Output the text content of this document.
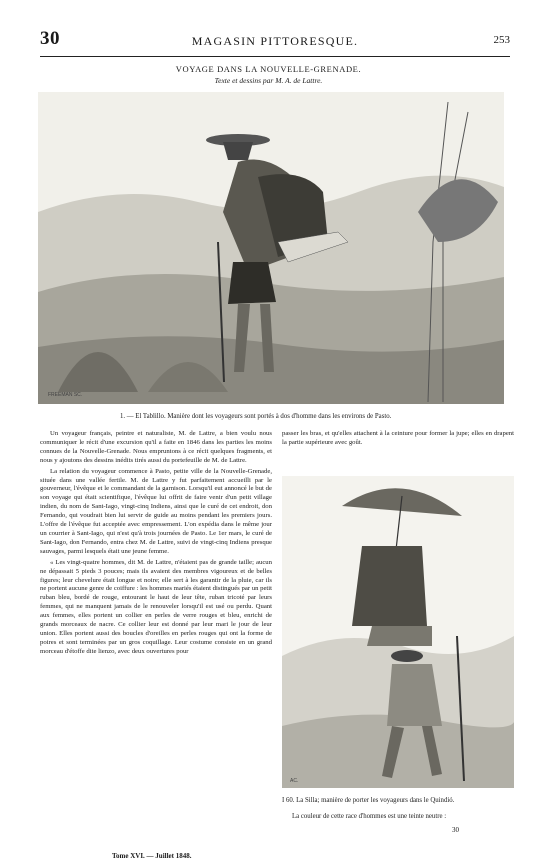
30	MAGASIN PITTORESQUE.	253
VOYAGE DANS LA NOUVELLE-GRENADE.
Texte et dessins par M. A. de Lattre.
FREEMAN SC.
1. — El Tablillo. Manière dont les voyageurs sont portés à dos d'homme dans les environs de Pasto.

Un voyageur français, peintre et naturaliste, M. de Lattre, a bien voulu nous communiquer le récit d'une excursion qu'il a faite en 1846 dans les parties les moins connues de la Nouvelle-Grenade. Nous empruntons à ce récit quelques fragments, et nous y ajoutons des dessins inédits tirés aussi du portefeuille de M. de Lattre.

La relation du voyageur commence à Pasto, petite ville de la Nouvelle-Grenade, située dans une vallée fertile. M. de Lattre y fut parfaitement accueilli par le gouverneur, l'évêque et le commandant de la garnison. Lorsqu'il eut annoncé le but de son voyage qui était scientifique, l'évêque lui offrit de faire venir d'un petit village indien, du nom de Sant-Iago, vingt-cinq Indiens, ainsi que le curé de cet endroit, don Fernando, qui voudrait bien lui servir de guide au moins pendant les premiers jours. L'offre de l'évêque fut acceptée avec empressement. L'on expédia dans le même jour un courrier à Sant-Iago, qui n'est qu'à trois journées de Pasto. Le 1er mars, le curé de Sant-Iago, don Fernando, entra chez M. de Lattre, suivi de vingt-cinq Indiens presque sauvages, parmi lesquels était une jeune femme.

« Les vingt-quatre hommes, dit M. de Lattre, n'étaient pas de grande taille; aucun ne dépassait 5 pieds 3 pouces; mais ils avaient des membres vigoureux et de belles figures; leur chevelure était longue et noire; elle sert à les garantir de la pluie, car ils ne portent aucune genre de coiffure : les hommes mariés étaient distingués par un petit ruban bleu, bordé de rouge, entourant le haut de leur tête, ruban tricoté par leurs femmes, qui ne manquent jamais de le renouveler lorsqu'il est usé ou perdu. Quant aux femmes, elles portent un collier en perles de verre rouges et bleu, enrichi de grands morceaux de nacre. Ce collier leur est donné par leur mari le jour de leur union. Elles portent aussi des boucles d'oreilles en perles rouges qui ont la forme de poires et sont terminées par un gros coquillage. Leur costume consiste en un grand morceau d'étoffe dite lienzo, avec deux ouvertures pour

passer les bras, et qu'elles attachent à la ceinture pour former la jupe; elles en drapent la partie supérieure avec goût.

AC.
I 60. La Silla; manière de porter les voyageurs dans le Quindió.
La couleur de cette race d'hommes est une teinte neutre :
Tome XVI. — Juillet 1848.
30
